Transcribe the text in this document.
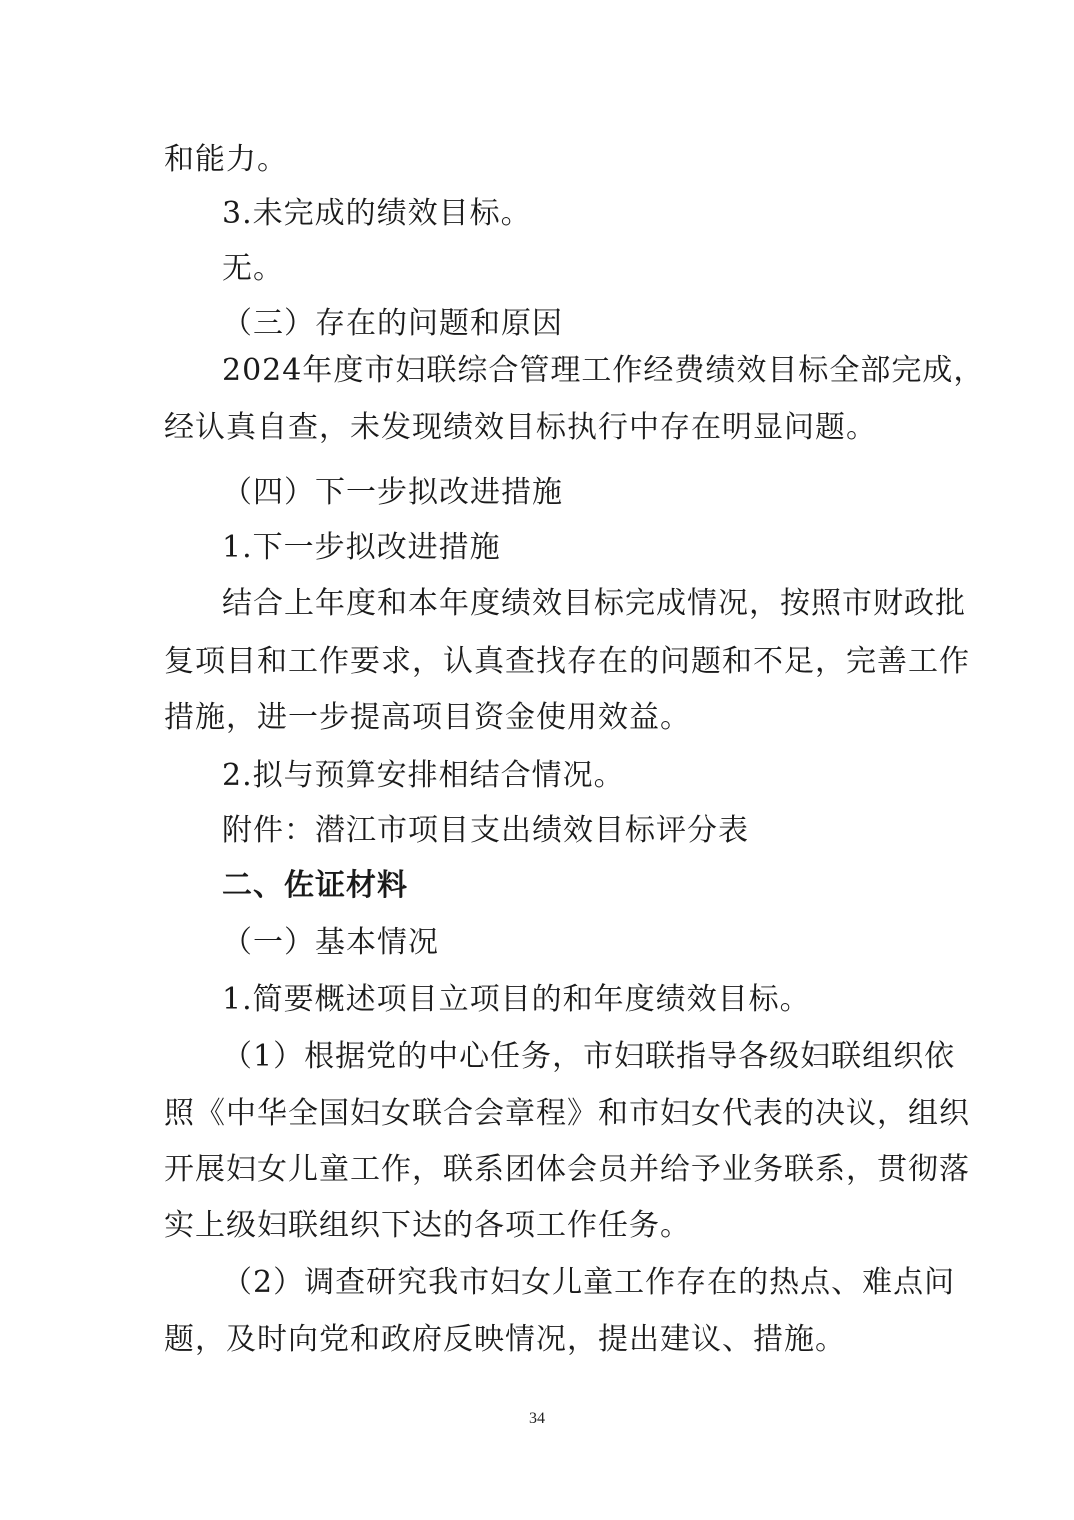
和能力。
3.未完成的绩效目标。
无。
（三）存在的问题和原因
2024年度市妇联综合管理工作经费绩效目标全部完成，
经认真自查，未发现绩效目标执行中存在明显问题。
（四）下一步拟改进措施
1.下一步拟改进措施
结合上年度和本年度绩效目标完成情况，按照市财政批
复项目和工作要求，认真查找存在的问题和不足，完善工作
措施，进一步提高项目资金使用效益。
2.拟与预算安排相结合情况。
附件：潜江市项目支出绩效目标评分表
二、佐证材料
（一）基本情况
1.简要概述项目立项目的和年度绩效目标。
（1）根据党的中心任务，市妇联指导各级妇联组织依
照《中华全国妇女联合会章程》和市妇女代表的决议，组织
开展妇女儿童工作，联系团体会员并给予业务联系，贯彻落
实上级妇联组织下达的各项工作任务。
（2）调查研究我市妇女儿童工作存在的热点、难点问
题，及时向党和政府反映情况，提出建议、措施。
34
